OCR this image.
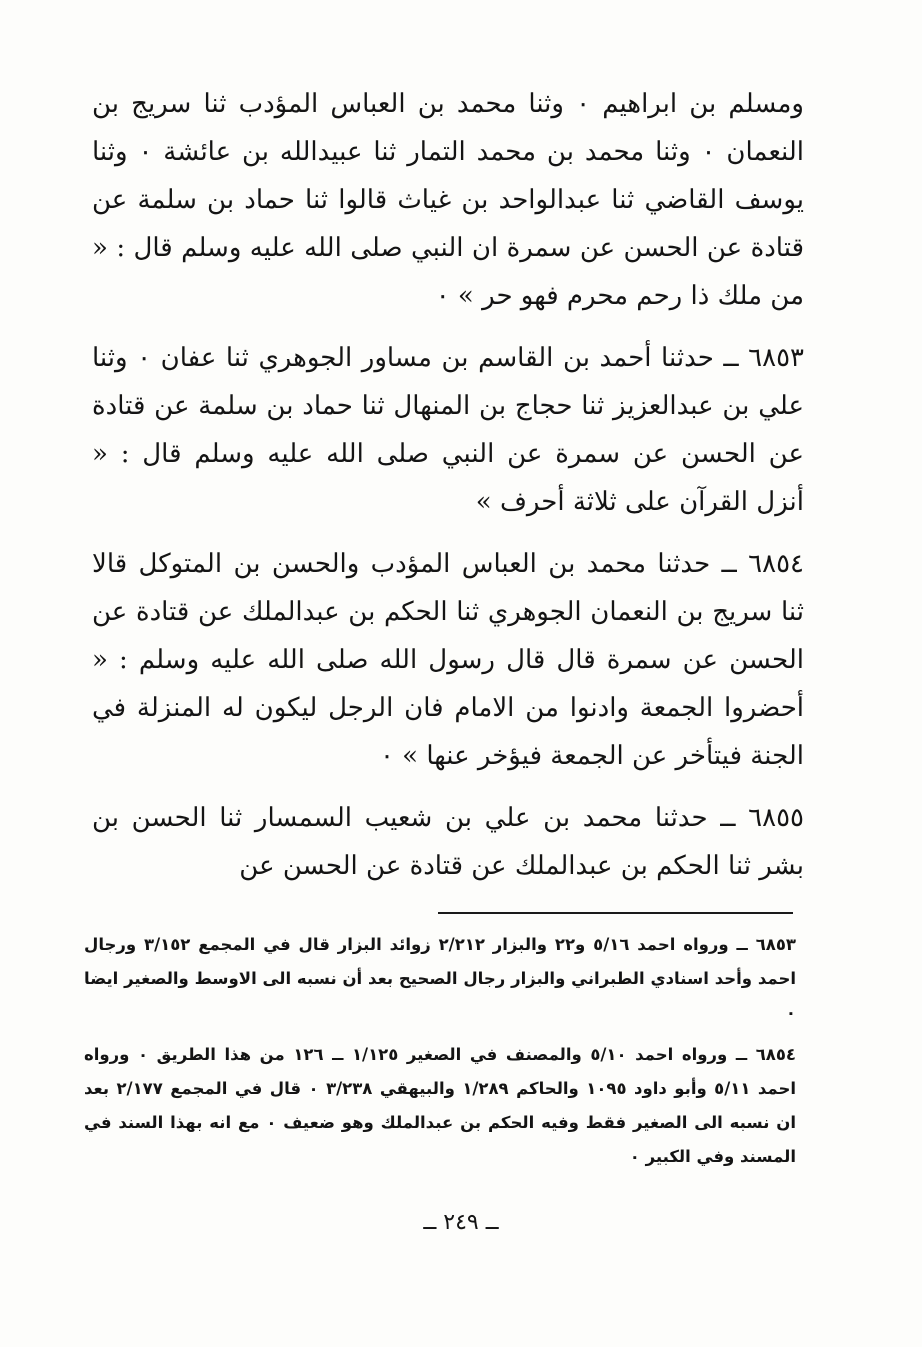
ومسلم بن ابراهيم ٠ وثنا محمد بن العباس المؤدب ثنا سريج بن النعمان ٠ وثنا محمد بن محمد التمار ثنا عبيدالله بن عائشة ٠ وثنا يوسف القاضي ثنا عبدالواحد بن غياث قالوا ثنا حماد بن سلمة عن قتادة عن الحسن عن سمرة ان النبي صلى الله عليه وسلم قال : « من ملك ذا رحم محرم فهو حر » ٠

٦٨٥٣ ــ حدثنا أحمد بن القاسم بن مساور الجوهري ثنا عفان ٠ وثنا علي بن عبدالعزيز ثنا حجاج بن المنهال ثنا حماد بن سلمة عن قتادة عن الحسن عن سمرة عن النبي صلى الله عليه وسلم قال : « أنزل القرآن على ثلاثة أحرف »

٦٨٥٤ ــ حدثنا محمد بن العباس المؤدب والحسن بن المتوكل قالا ثنا سريج بن النعمان الجوهري ثنا الحكم بن عبدالملك عن قتادة عن الحسن عن سمرة قال قال رسول الله صلى الله عليه وسلم : « أحضروا الجمعة وادنوا من الامام فان الرجل ليكون له المنزلة في الجنة فيتأخر عن الجمعة فيؤخر عنها » ٠

٦٨٥٥ ــ حدثنا محمد بن علي بن شعيب السمسار ثنا الحسن بن بشر ثنا الحكم بن عبدالملك عن قتادة عن الحسن عن

٦٨٥٣ ــ ورواه احمد ٥/١٦ و٢٢ والبزار ٢/٢١٢ زوائد البزار قال في المجمع ٣/١٥٢ ورجال احمد وأحد اسنادي الطبراني والبزار رجال الصحيح بعد أن نسبه الى الاوسط والصغير ايضا ٠

٦٨٥٤ ــ ورواه احمد ٥/١٠ والمصنف في الصغير ١/١٢٥ ــ ١٢٦ من هذا الطريق ٠ ورواه احمد ٥/١١ وأبو داود ١٠٩٥ والحاكم ١/٢٨٩ والبيهقي ٣/٢٣٨ ٠ قال في المجمع ٢/١٧٧ بعد ان نسبه الى الصغير فقط وفيه الحكم بن عبدالملك وهو ضعيف ٠ مع انه بهذا السند في المسند وفي الكبير ٠

ــ ٢٤٩ ــ
